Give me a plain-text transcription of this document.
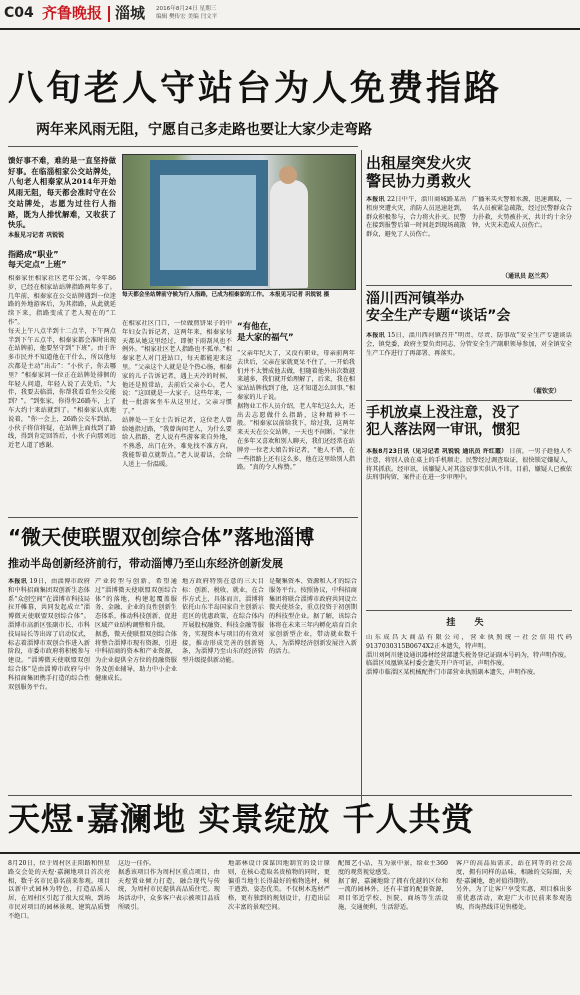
C04 齐鲁晚报 淄城 2016年8月24日 星期三
编辑 樊传宏 美编 闫文平
八旬老人守站台为人免费指路
两年来风雨无阻，宁愿自己多走路也要让大家少走弯路
馈好事不难，难的是一直坚持做好事。在临淄相家公交站牌处，八旬老人相秦家从2014年开始风雨无阻，每天都会准时守在公交站牌处，志愿为过往行人指路，既为人排忧解难，又收获了快乐。
本报见习记者 巩锐锐
指路成“职业”
每天定点“上班”
相秦家住相家社区老年公寓，今年86岁，已经在相家站站牌指路两年多了。几年前，相秦家在公交站牌遇到一位迷路的外地游客后，为其指路，从此就延续下来，指路变成了老人现在的“工作”。
每天上午八点半到十二点半，下午两点半到下午五点半，相秦家都会准时出现在站牌前，他要坚守到“下班”。由于许多市民并不知道他在干什么，所以他每次都是主动“出击”：“小伙子，你去哪里？”相秦家问一位正在站牌处徘徊的年轻人问道，年轻人说了去处后，“大伴，我要去临淄，你帮我看看坐公交能到？”。“到张家，你得坐26路车，上了车大约十来站就到了。“相秦家认真地说着，“你一会上，26路公交车到站，小伙子将信将疑，在站牌上面找到了路线，得到肯定回答后，小伙子向那刘远近老人道了感谢。
每天都会坐站牌前守候为行人指路，已成为相秦家的工作。 本报见习记者 巩锐锐 摄
在相家社区门口，一位做煎饼果子的中年妇女告诉记者，这两年来，相秦家每天都从她这里经过，即便下雨刮风也不例外。“相家社区老人指路也不孤单。”相秦家老人对门进站口，每天都能迎来这里。“父亲这个人就是是个热心肠，相秦家的儿子告诉记者，遇上天冷的时候，他还是照常站，去前后父亲小心，老人说：“这回就是一大家子。这些年来，一批一批游客坐车从这里过，父亲习惯了。”
站牌处一王女士告诉记者，这位老人曾给她指过路，“我曾询问老人，为什么要给人指路，老人说有些游客来自外地，不熟悉，出门在外，难免找不准方向，我能帮着点就帮点。”老人说着话，会给人送上一份温暖。
“有他在，
是大家的福气”
“父亲年纪大了，又没有职业，母亲前两年去世后，父亲在家就更呆不住了，一开始我们并不太赞成他去做，但随着他外出次数越来越多，我们就开始理解了，后来，我在相家站站牌找到了他，这才知道怎么回事。”相秦家的儿子说。
据物业工作人员介绍，老人年纪这么大，还出去志愿做什么指路，这种精神不一般。“相秦家以前给我下，给过我，这两年来天天在公交站牌，一天也不间断。“家住在多年又喜欢和别人聊天，我们还经常在站牌旁一位老大娘告诉记者，“他人不错，在一些指路上还有这么多，他在这里给别人指路。“真的令人称赞。”
出租屋突发火灾
警民协力勇救火
本报讯 22日中午，淄川商城路某出租房突遭火灾，消防人员迅速赶到，群众积极参与，合力将火扑灭。民警在接到报警后第一时间赶到现场疏散群众，避免了人员伤亡。
广播米买火警和水源，迅速调取，一名人员被紧急疏散，经过民警群众合力扑救，火势被扑灭，共计约十余分钟，火灾未造成人员伤亡。
（通讯员 赵兰英）
淄川西河镇举办
安全生产专题“谈话”会
本报讯 15日，淄川西河镇召开“明责、尽责、防事故”安全生产专题谈话会，镇党委、政府主要负责同志、分管安全生产副职领导参加，对全镇安全生产工作进行了再部署、再落实。
（翟钦安）
手机放桌上没注意，没了
犯人落法网一审讯，惯犯
本报8月23日讯（见习记者 巩锐锐 通讯员 许红霞） 日前，一男子趁他人不注意，将别人放在桌上的手机顺走。民警经过调查取证，很快锁定嫌疑人，将其抓获。经审讯，该嫌疑人对其盗窃事实供认不讳。目前，嫌疑人已被依法刑事拘留，案件正在进一步审理中。
挂 失
山东成昌大商品有限公司，营业执照统一社会信用代码9137030315B0674X2正本遗失，特声明。
淄川刘阿川建设通讯器材经营部遗失税务登记证副本号码为，特声明作废。
临淄区凤凰镇某村委会遗失开户许可证，声明作废。
淄博市临淄区某机械配件门市部营业执照副本遗失，声明作废。
“微天使联盟双创综合体”落地淄博
推动半岛创新经济前行，带动淄博乃至山东经济创新发展
本报讯 19日，由淄博市政府和中科招商集团双创新生态体系“众创空间”在淄博市科技局拉开帷幕，共同发起成立“淄博微天使联盟双创综合体”。淄博市高新区张副市长、市科技局局长等出席了启动仪式，标志着淄博市双创合作进入新阶段，市委市政府将积极参与建设。“淄博微天使联盟双创综合体”是由淄博市政府与中科招商集团携手打造的综合性双创服务平台。
产业转型与创新，希望通过“淄博微天使联盟双创综合体”的落地，构建起覆盖服务、金融、企业的良性创新生态体系，推动科技创新、促进区域产业结构调整和升级。
据悉，微天使联盟双创综合体将整合淄博市现有资源，引进中科招商的资本和产业资源，为企业提供全方位的投融资服务及创业辅导，助力中小企业健康成长。
地方政府特别在意的三大目标：创新、税收、就业，在合作方式上，具体而言，淄博将依托山东半岛国家自主创新示范区的优惠政策，在综合体内开展股权融资、科技金融等服务，实现资本与项目的有效对接，推动形成完善的创新链条，为淄博乃至山东的经济转型升级提供新动能。
是聚集资本、资源和人才的综合服务平台。按照协议，中科招商集团将联合淄博市政府共同设立微天使基金，重点投资于初创期的科技型企业。据了解，该综合体将在未来三年内孵化培育百余家创新型企业，带动就业数千人，为淄博经济创新发展注入新的活力。
天煜·嘉澜地 实景绽放 千人共赏
8月20日，位于周村区正阳路和恒星路交会处的天煜·嘉澜地项目首次亮相，数千名市民慕名前来参观。项目以新中式园林为特色，打造品质人居，在周村区引起了很大反响，到场市民对项目的园林景观、建筑品质赞不绝口。
这边一佳作。
据悉该项目作为周村区重点项目，由天煜置业倾力打造，融合现代与传统，为周村市民提供高品质住宅。现场活动中，众多客户表示被项目品质所吸引。
地部林设计深谋因地制宜的设计原则，在核心造取名贵植物的同时，更偏重当地生长得最好的植物选材，树干遒劲，姿态优美。不仅树木选材严格，更有独到的规划设计，打造出层次丰富的景观空间。
配图艺小品，互为景中景，给业主360度的观赏视觉感受。
据了解，嘉澜地除了拥有优越的区位和一流的园林外，还有丰富的配套资源，项目邻近学校、医院、商场等生活设施，交通便利，生活舒适。
客户的高品质需求，站在同等的社会高度，拥有同样的品味，相融的交际圈，天煜·嘉澜地，绝对值得期待。
另外，为了让客户享受实惠，项目推出多重优惠活动，欢迎广大市民前来参观选购，咨询热线详见售楼处。
